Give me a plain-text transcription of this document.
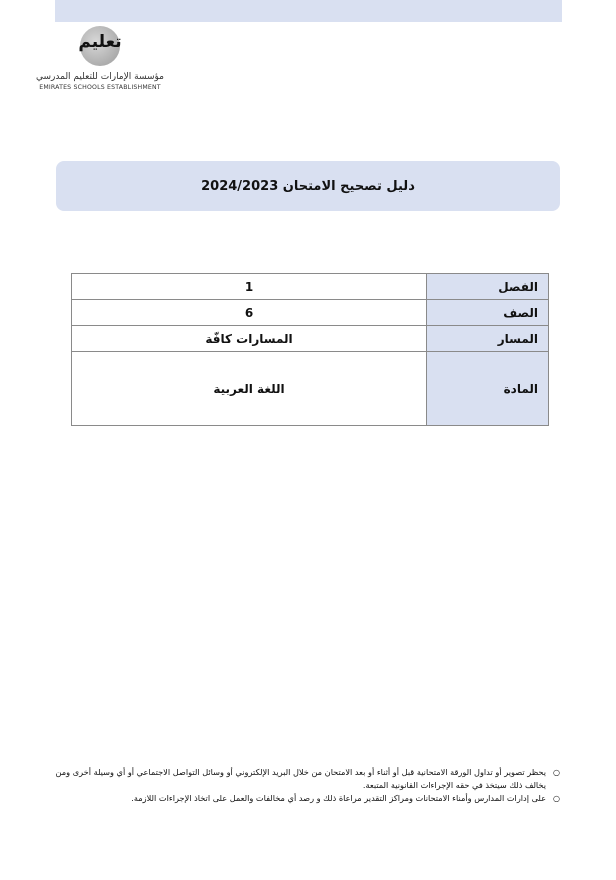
تعليم
مؤسسة الإمارات للتعليم المدرسي
EMIRATES SCHOOLS ESTABLISHMENT
دليل تصحيح الامتحان 2024/2023
الفصل	1
الصف	6
المسار	المسارات كافّة
المادة	اللغة العربية
○
يحظر تصوير أو تداول الورقة الامتحانية قبل أو أثناء أو بعد الامتحان من خلال البريد الإلكتروني أو وسائل التواصل الاجتماعي أو أي وسيلة أخرى ومن يخالف ذلك سيتخذ في حقه الإجراءات القانونية المتبعة.
○
على إدارات المدارس وأمناء الامتحانات ومراكز التقدير مراعاة ذلك و رصد أي مخالفات والعمل على اتخاذ الإجراءات اللازمة.
